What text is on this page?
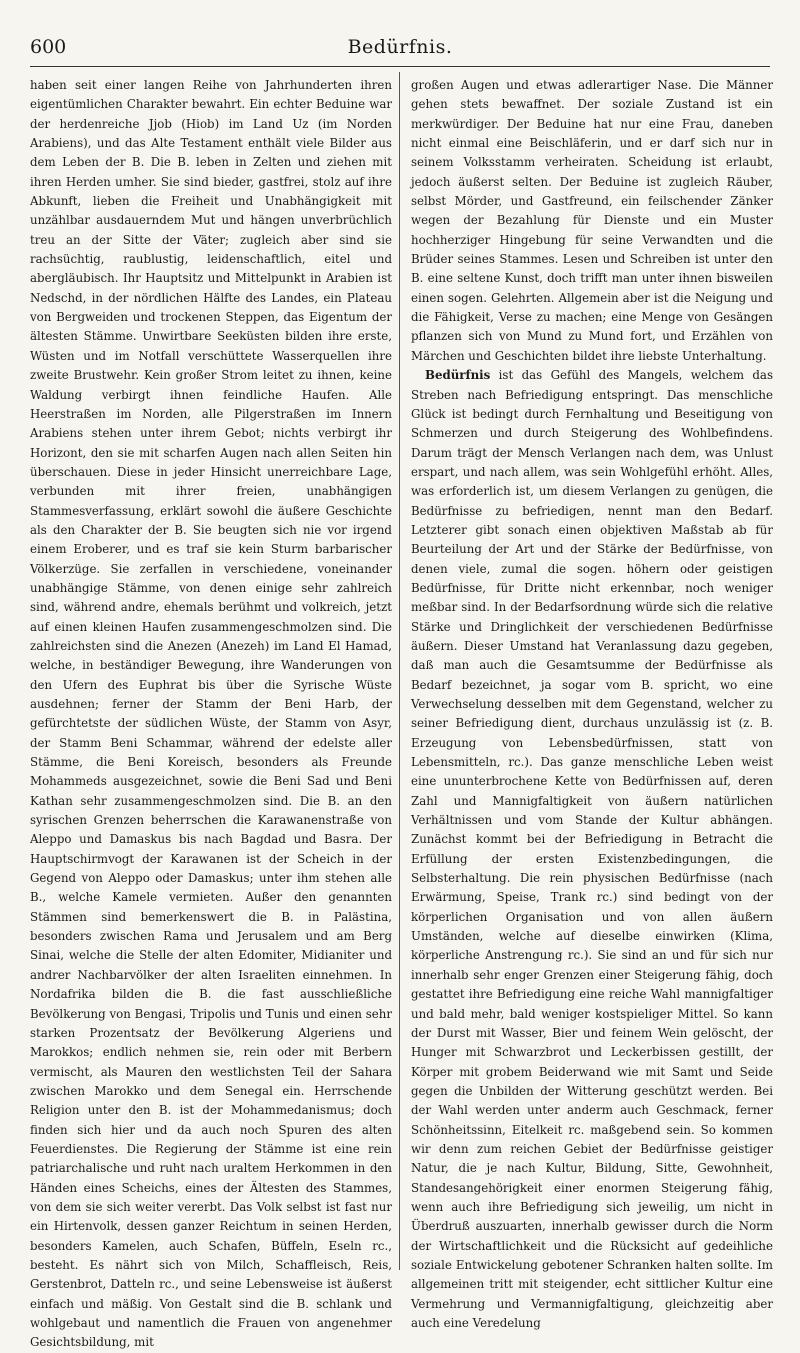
600	Bedürfnis.

haben seit einer langen Reihe von Jahrhunderten ihren eigentümlichen Charakter bewahrt. Ein echter Beduine war der herdenreiche Jjob (Hiob) im Land Uz (im Norden Arabiens), und das Alte Testament enthält viele Bilder aus dem Leben der B. Die B. leben in Zelten und ziehen mit ihren Herden umher. Sie sind bieder, gastfrei, stolz auf ihre Abkunft, lieben die Freiheit und Unabhängigkeit mit unzählbar ausdauerndem Mut und hängen unverbrüchlich treu an der Sitte der Väter; zugleich aber sind sie rachsüchtig, raublustig, leidenschaftlich, eitel und abergläubisch. Ihr Hauptsitz und Mittelpunkt in Arabien ist Nedschd, in der nördlichen Hälfte des Landes, ein Plateau von Bergweiden und trockenen Steppen, das Eigentum der ältesten Stämme. Unwirtbare Seeküsten bilden ihre erste, Wüsten und im Notfall verschüttete Wasserquellen ihre zweite Brustwehr. Kein großer Strom leitet zu ihnen, keine Waldung verbirgt ihnen feindliche Haufen. Alle Heerstraßen im Norden, alle Pilgerstraßen im Innern Arabiens stehen unter ihrem Gebot; nichts verbirgt ihr Horizont, den sie mit scharfen Augen nach allen Seiten hin überschauen. Diese in jeder Hinsicht unerreichbare Lage, verbunden mit ihrer freien, unabhängigen Stammesverfassung, erklärt sowohl die äußere Geschichte als den Charakter der B. Sie beugten sich nie vor irgend einem Eroberer, und es traf sie kein Sturm barbarischer Völkerzüge. Sie zerfallen in verschiedene, voneinander unabhängige Stämme, von denen einige sehr zahlreich sind, während andre, ehemals berühmt und volkreich, jetzt auf einen kleinen Haufen zusammengeschmolzen sind. Die zahlreichsten sind die Anezen (Anezeh) im Land El Hamad, welche, in beständiger Bewegung, ihre Wanderungen von den Ufern des Euphrat bis über die Syrische Wüste ausdehnen; ferner der Stamm der Beni Harb, der gefürchtetste der südlichen Wüste, der Stamm von Asyr, der Stamm Beni Schammar, während der edelste aller Stämme, die Beni Koreisch, besonders als Freunde Mohammeds ausgezeichnet, sowie die Beni Sad und Beni Kathan sehr zusammengeschmolzen sind. Die B. an den syrischen Grenzen beherrschen die Karawanenstraße von Aleppo und Damaskus bis nach Bagdad und Basra. Der Hauptschirmvogt der Karawanen ist der Scheich in der Gegend von Aleppo oder Damaskus; unter ihm stehen alle B., welche Kamele vermieten. Außer den genannten Stämmen sind bemerkenswert die B. in Palästina, besonders zwischen Rama und Jerusalem und am Berg Sinai, welche die Stelle der alten Edomiter, Midianiter und andrer Nachbarvölker der alten Israeliten einnehmen. In Nordafrika bilden die B. die fast ausschließliche Bevölkerung von Bengasi, Tripolis und Tunis und einen sehr starken Prozentsatz der Bevölkerung Algeriens und Marokkos; endlich nehmen sie, rein oder mit Berbern vermischt, als Mauren den westlichsten Teil der Sahara zwischen Marokko und dem Senegal ein. Herrschende Religion unter den B. ist der Mohammedanismus; doch finden sich hier und da auch noch Spuren des alten Feuerdienstes. Die Regierung der Stämme ist eine rein patriarchalische und ruht nach uraltem Herkommen in den Händen eines Scheichs, eines der Ältesten des Stammes, von dem sie sich weiter vererbt. Das Volk selbst ist fast nur ein Hirtenvolk, dessen ganzer Reichtum in seinen Herden, besonders Kamelen, auch Schafen, Büffeln, Eseln rc., besteht. Es nährt sich von Milch, Schaffleisch, Reis, Gerstenbrot, Datteln rc., und seine Lebensweise ist äußerst einfach und mäßig. Von Gestalt sind die B. schlank und wohlgebaut und namentlich die Frauen von angenehmer Gesichtsbildung, mit

großen Augen und etwas adlerartiger Nase. Die Männer gehen stets bewaffnet. Der soziale Zustand ist ein merkwürdiger. Der Beduine hat nur eine Frau, daneben nicht einmal eine Beischläferin, und er darf sich nur in seinem Volksstamm verheiraten. Scheidung ist erlaubt, jedoch äußerst selten. Der Beduine ist zugleich Räuber, selbst Mörder, und Gastfreund, ein feilschender Zänker wegen der Bezahlung für Dienste und ein Muster hochherziger Hingebung für seine Verwandten und die Brüder seines Stammes. Lesen und Schreiben ist unter den B. eine seltene Kunst, doch trifft man unter ihnen bisweilen einen sogen. Gelehrten. Allgemein aber ist die Neigung und die Fähigkeit, Verse zu machen; eine Menge von Gesängen pflanzen sich von Mund zu Mund fort, und Erzählen von Märchen und Geschichten bildet ihre liebste Unterhaltung.

Bedürfnis ist das Gefühl des Mangels, welchem das Streben nach Befriedigung entspringt. Das menschliche Glück ist bedingt durch Fernhaltung und Beseitigung von Schmerzen und durch Steigerung des Wohlbefindens. Darum trägt der Mensch Verlangen nach dem, was Unlust erspart, und nach allem, was sein Wohlgefühl erhöht. Alles, was erforderlich ist, um diesem Verlangen zu genügen, die Bedürfnisse zu befriedigen, nennt man den Bedarf. Letzterer gibt sonach einen objektiven Maßstab ab für Beurteilung der Art und der Stärke der Bedürfnisse, von denen viele, zumal die sogen. höhern oder geistigen Bedürfnisse, für Dritte nicht erkennbar, noch weniger meßbar sind. In der Bedarfsordnung würde sich die relative Stärke und Dringlichkeit der verschiedenen Bedürfnisse äußern. Dieser Umstand hat Veranlassung dazu gegeben, daß man auch die Gesamtsumme der Bedürfnisse als Bedarf bezeichnet, ja sogar vom B. spricht, wo eine Verwechselung desselben mit dem Gegenstand, welcher zu seiner Befriedigung dient, durchaus unzulässig ist (z. B. Erzeugung von Lebensbedürfnissen, statt von Lebensmitteln, rc.). Das ganze menschliche Leben weist eine ununterbrochene Kette von Bedürfnissen auf, deren Zahl und Mannigfaltigkeit von äußern natürlichen Verhältnissen und vom Stande der Kultur abhängen. Zunächst kommt bei der Befriedigung in Betracht die Erfüllung der ersten Existenzbedingungen, die Selbsterhaltung. Die rein physischen Bedürfnisse (nach Erwärmung, Speise, Trank rc.) sind bedingt von der körperlichen Organisation und von allen äußern Umständen, welche auf dieselbe einwirken (Klima, körperliche Anstrengung rc.). Sie sind an und für sich nur innerhalb sehr enger Grenzen einer Steigerung fähig, doch gestattet ihre Befriedigung eine reiche Wahl mannigfaltiger und bald mehr, bald weniger kostspieliger Mittel. So kann der Durst mit Wasser, Bier und feinem Wein gelöscht, der Hunger mit Schwarzbrot und Leckerbissen gestillt, der Körper mit grobem Beiderwand wie mit Samt und Seide gegen die Unbilden der Witterung geschützt werden. Bei der Wahl werden unter anderm auch Geschmack, ferner Schönheitssinn, Eitelkeit rc. maßgebend sein. So kommen wir denn zum reichen Gebiet der Bedürfnisse geistiger Natur, die je nach Kultur, Bildung, Sitte, Gewohnheit, Standesangehörigkeit einer enormen Steigerung fähig, wenn auch ihre Befriedigung sich jeweilig, um nicht in Überdruß auszuarten, innerhalb gewisser durch die Norm der Wirtschaftlichkeit und die Rücksicht auf gedeihliche soziale Entwickelung gebotener Schranken halten sollte. Im allgemeinen tritt mit steigender, echt sittlicher Kultur eine Vermehrung und Vermannigfaltigung, gleichzeitig aber auch eine Veredelung
